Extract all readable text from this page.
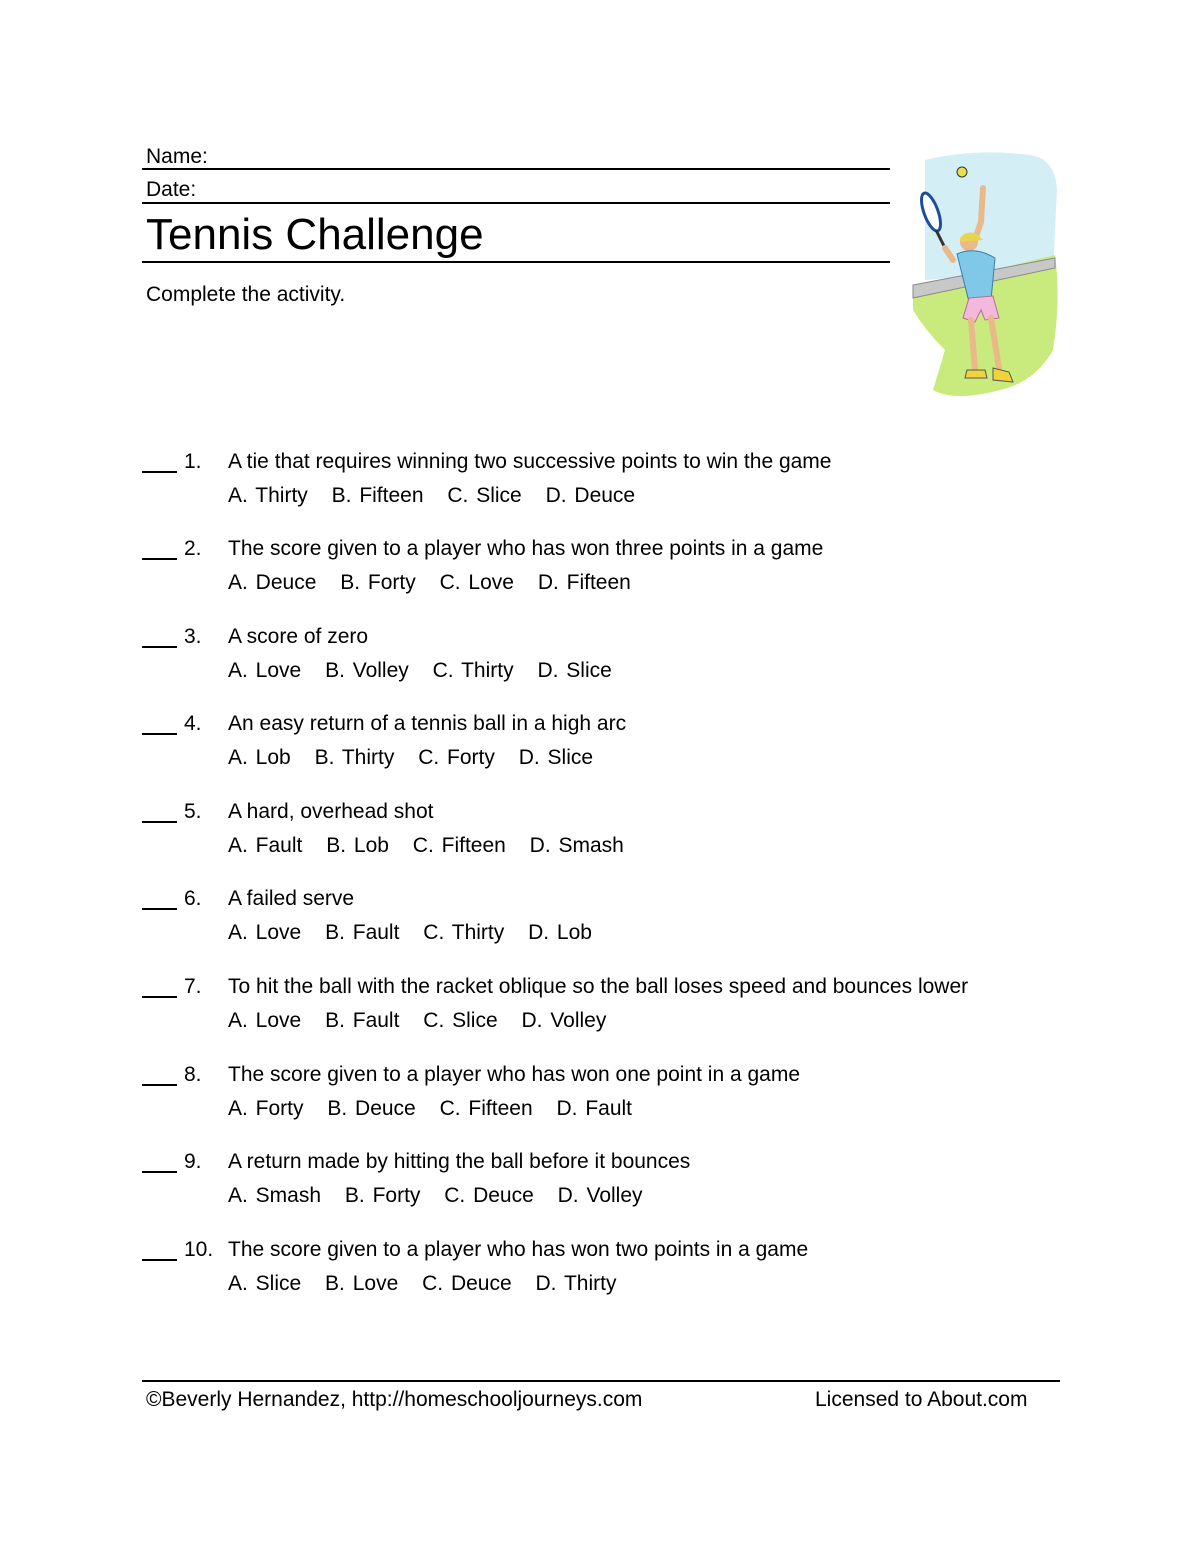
Name:
Date:
Tennis Challenge
Complete the activity.
1. A tie that requires winning two successive points to win the game
A. Thirty B. Fifteen C. Slice D. Deuce
2. The score given to a player who has won three points in a game
A. Deuce B. Forty C. Love D. Fifteen
3. A score of zero
A. Love B. Volley C. Thirty D. Slice
4. An easy return of a tennis ball in a high arc
A. Lob B. Thirty C. Forty D. Slice
5. A hard, overhead shot
A. Fault B. Lob C. Fifteen D. Smash
6. A failed serve
A. Love B. Fault C. Thirty D. Lob
7. To hit the ball with the racket oblique so the ball loses speed and bounces lower
A. Love B. Fault C. Slice D. Volley
8. The score given to a player who has won one point in a game
A. Forty B. Deuce C. Fifteen D. Fault
9. A return made by hitting the ball before it bounces
A. Smash B. Forty C. Deuce D. Volley
10. The score given to a player who has won two points in a game
A. Slice B. Love C. Deuce D. Thirty
©Beverly Hernandez, http://homeschooljourneys.com	Licensed to About.com
